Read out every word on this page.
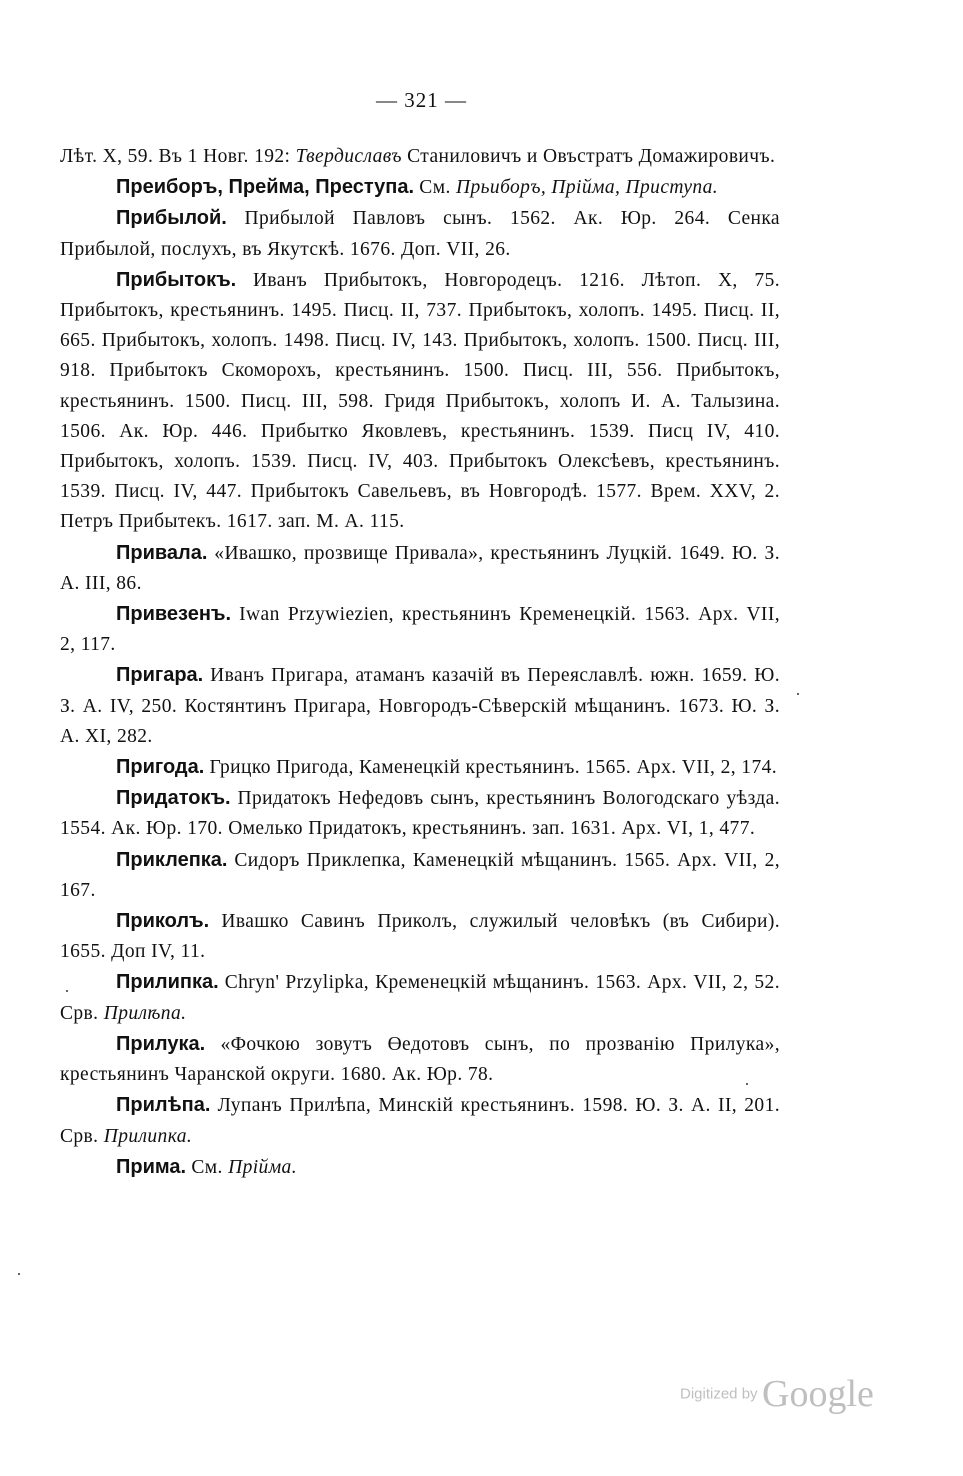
— 321 —

Лѣт. X, 59. Въ 1 Новг. 192: Твердиславъ Станиловичъ и Овъстратъ Домажировичъ.

Преиборъ, Прейма, Преступа. См. Прьиборъ, Прійма, Приступа.

Прибылой. Прибылой Павловъ сынъ. 1562. Ак. Юр. 264. Сенка Прибылой, послухъ, въ Якутскѣ. 1676. Доп. VII, 26.

Прибытокъ. Иванъ Прибытокъ, Новгородецъ. 1216. Лѣтоп. X, 75. Прибытокъ, крестьянинъ. 1495. Писц. II, 737. Прибытокъ, холопъ. 1495. Писц. II, 665. Прибытокъ, холопъ. 1498. Писц. IV, 143. Прибытокъ, холопъ. 1500. Писц. III, 918. Прибытокъ Скоморохъ, крестьянинъ. 1500. Писц. III, 556. Прибытокъ, крестьянинъ. 1500. Писц. III, 598. Гридя Прибытокъ, холопъ И. А. Талызина. 1506. Ак. Юр. 446. Прибытко Яковлевъ, крестьянинъ. 1539. Писц IV, 410. Прибытокъ, холопъ. 1539. Писц. IV, 403. Прибытокъ Олексѣевъ, крестьянинъ. 1539. Писц. IV, 447. Прибытокъ Савельевъ, въ Новгородѣ. 1577. Врем. XXV, 2. Петръ Прибытекъ. 1617. зап. М. А. 115.

Привала. «Ивашко, прозвище Привала», крестьянинъ Луцкій. 1649. Ю. З. А. III, 86.

Привезенъ. Iwan Przywiezien, крестьянинъ Кременецкій. 1563. Арх. VII, 2, 117.

Пригара. Иванъ Пригара, атаманъ казачій въ Переяславлѣ. южн. 1659. Ю. З. А. IV, 250. Костянтинъ Пригара, Новгородъ-Сѣверскій мѣщанинъ. 1673. Ю. З. А. XI, 282.

Пригода. Грицко Пригода, Каменецкій крестьянинъ. 1565. Арх. VII, 2, 174.

Придатокъ. Придатокъ Нефедовъ сынъ, крестьянинъ Вологодскаго уѣзда. 1554. Ак. Юр. 170. Омелько Придатокъ, крестьянинъ. зап. 1631. Арх. VI, 1, 477.

Приклепка. Сидоръ Приклепка, Каменецкій мѣщанинъ. 1565. Арх. VII, 2, 167.

Приколъ. Ивашко Савинъ Приколъ, служилый человѣкъ (въ Сибири). 1655. Доп IV, 11.

Прилипка. Chryn' Przylipka, Кременецкій мѣщанинъ. 1563. Арх. VII, 2, 52. Срв. Прилѣпа.

Прилука. «Фочкою зовутъ Өедотовъ сынъ, по прозванію Прилука», крестьянинъ Чаранской округи. 1680. Ак. Юр. 78.

Прилѣпа. Лупанъ Прилѣпа, Минскій крестьянинъ. 1598. Ю. З. А. II, 201. Срв. Прилипка.

Прима. См. Прійма.

Digitized by Google
